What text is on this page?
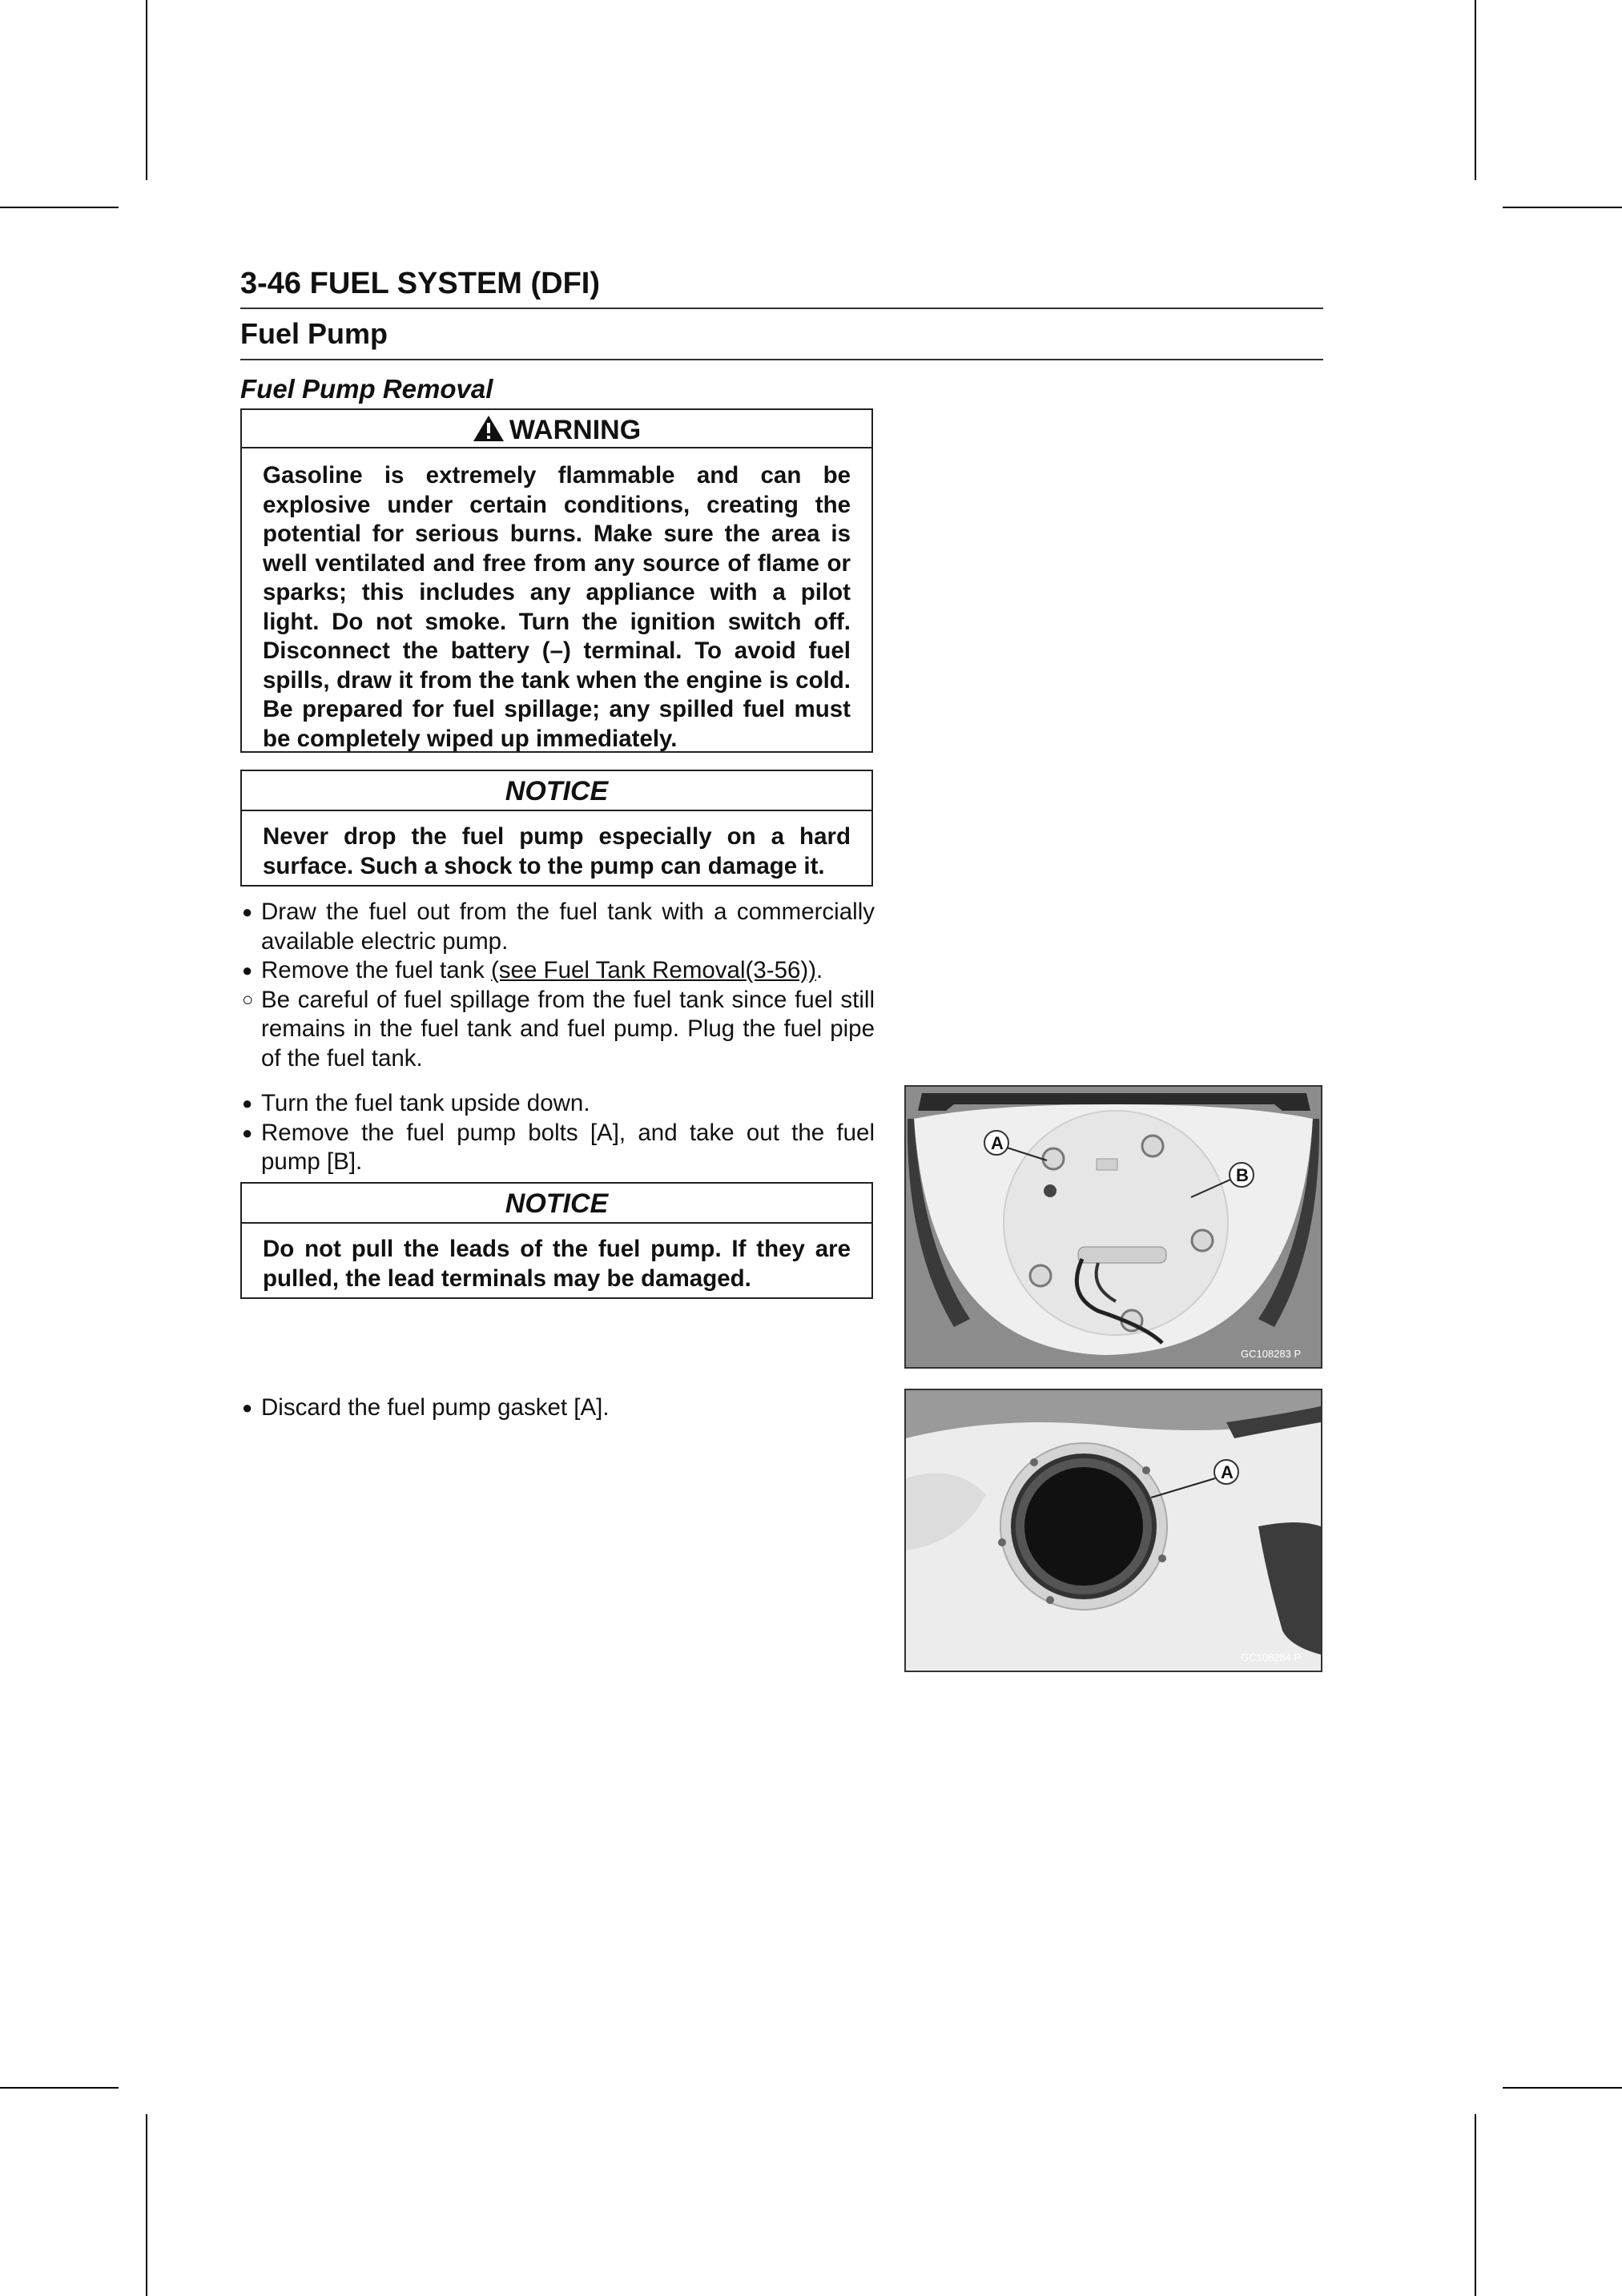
3-46 FUEL SYSTEM (DFI)
Fuel Pump
Fuel Pump Removal
WARNING
Gasoline is extremely flammable and can be explosive under certain conditions, creating the potential for serious burns. Make sure the area is well ventilated and free from any source of flame or sparks; this includes any appliance with a pilot light. Do not smoke. Turn the ignition switch off. Disconnect the battery (–) terminal. To avoid fuel spills, draw it from the tank when the engine is cold. Be prepared for fuel spillage; any spilled fuel must be completely wiped up immediately.
NOTICE
Never drop the fuel pump especially on a hard surface. Such a shock to the pump can damage it.
● Draw the fuel out from the fuel tank with a commercially available electric pump.
● Remove the fuel tank (see Fuel Tank Removal(3-56)).
○ Be careful of fuel spillage from the fuel tank since fuel still remains in the fuel tank and fuel pump. Plug the fuel pipe of the fuel tank.
● Turn the fuel tank upside down.
● Remove the fuel pump bolts [A], and take out the fuel pump [B].
NOTICE
Do not pull the leads of the fuel pump. If they are pulled, the lead terminals may be damaged.
● Discard the fuel pump gasket [A].
A
B
GC108283 P
A
GC108284 P
